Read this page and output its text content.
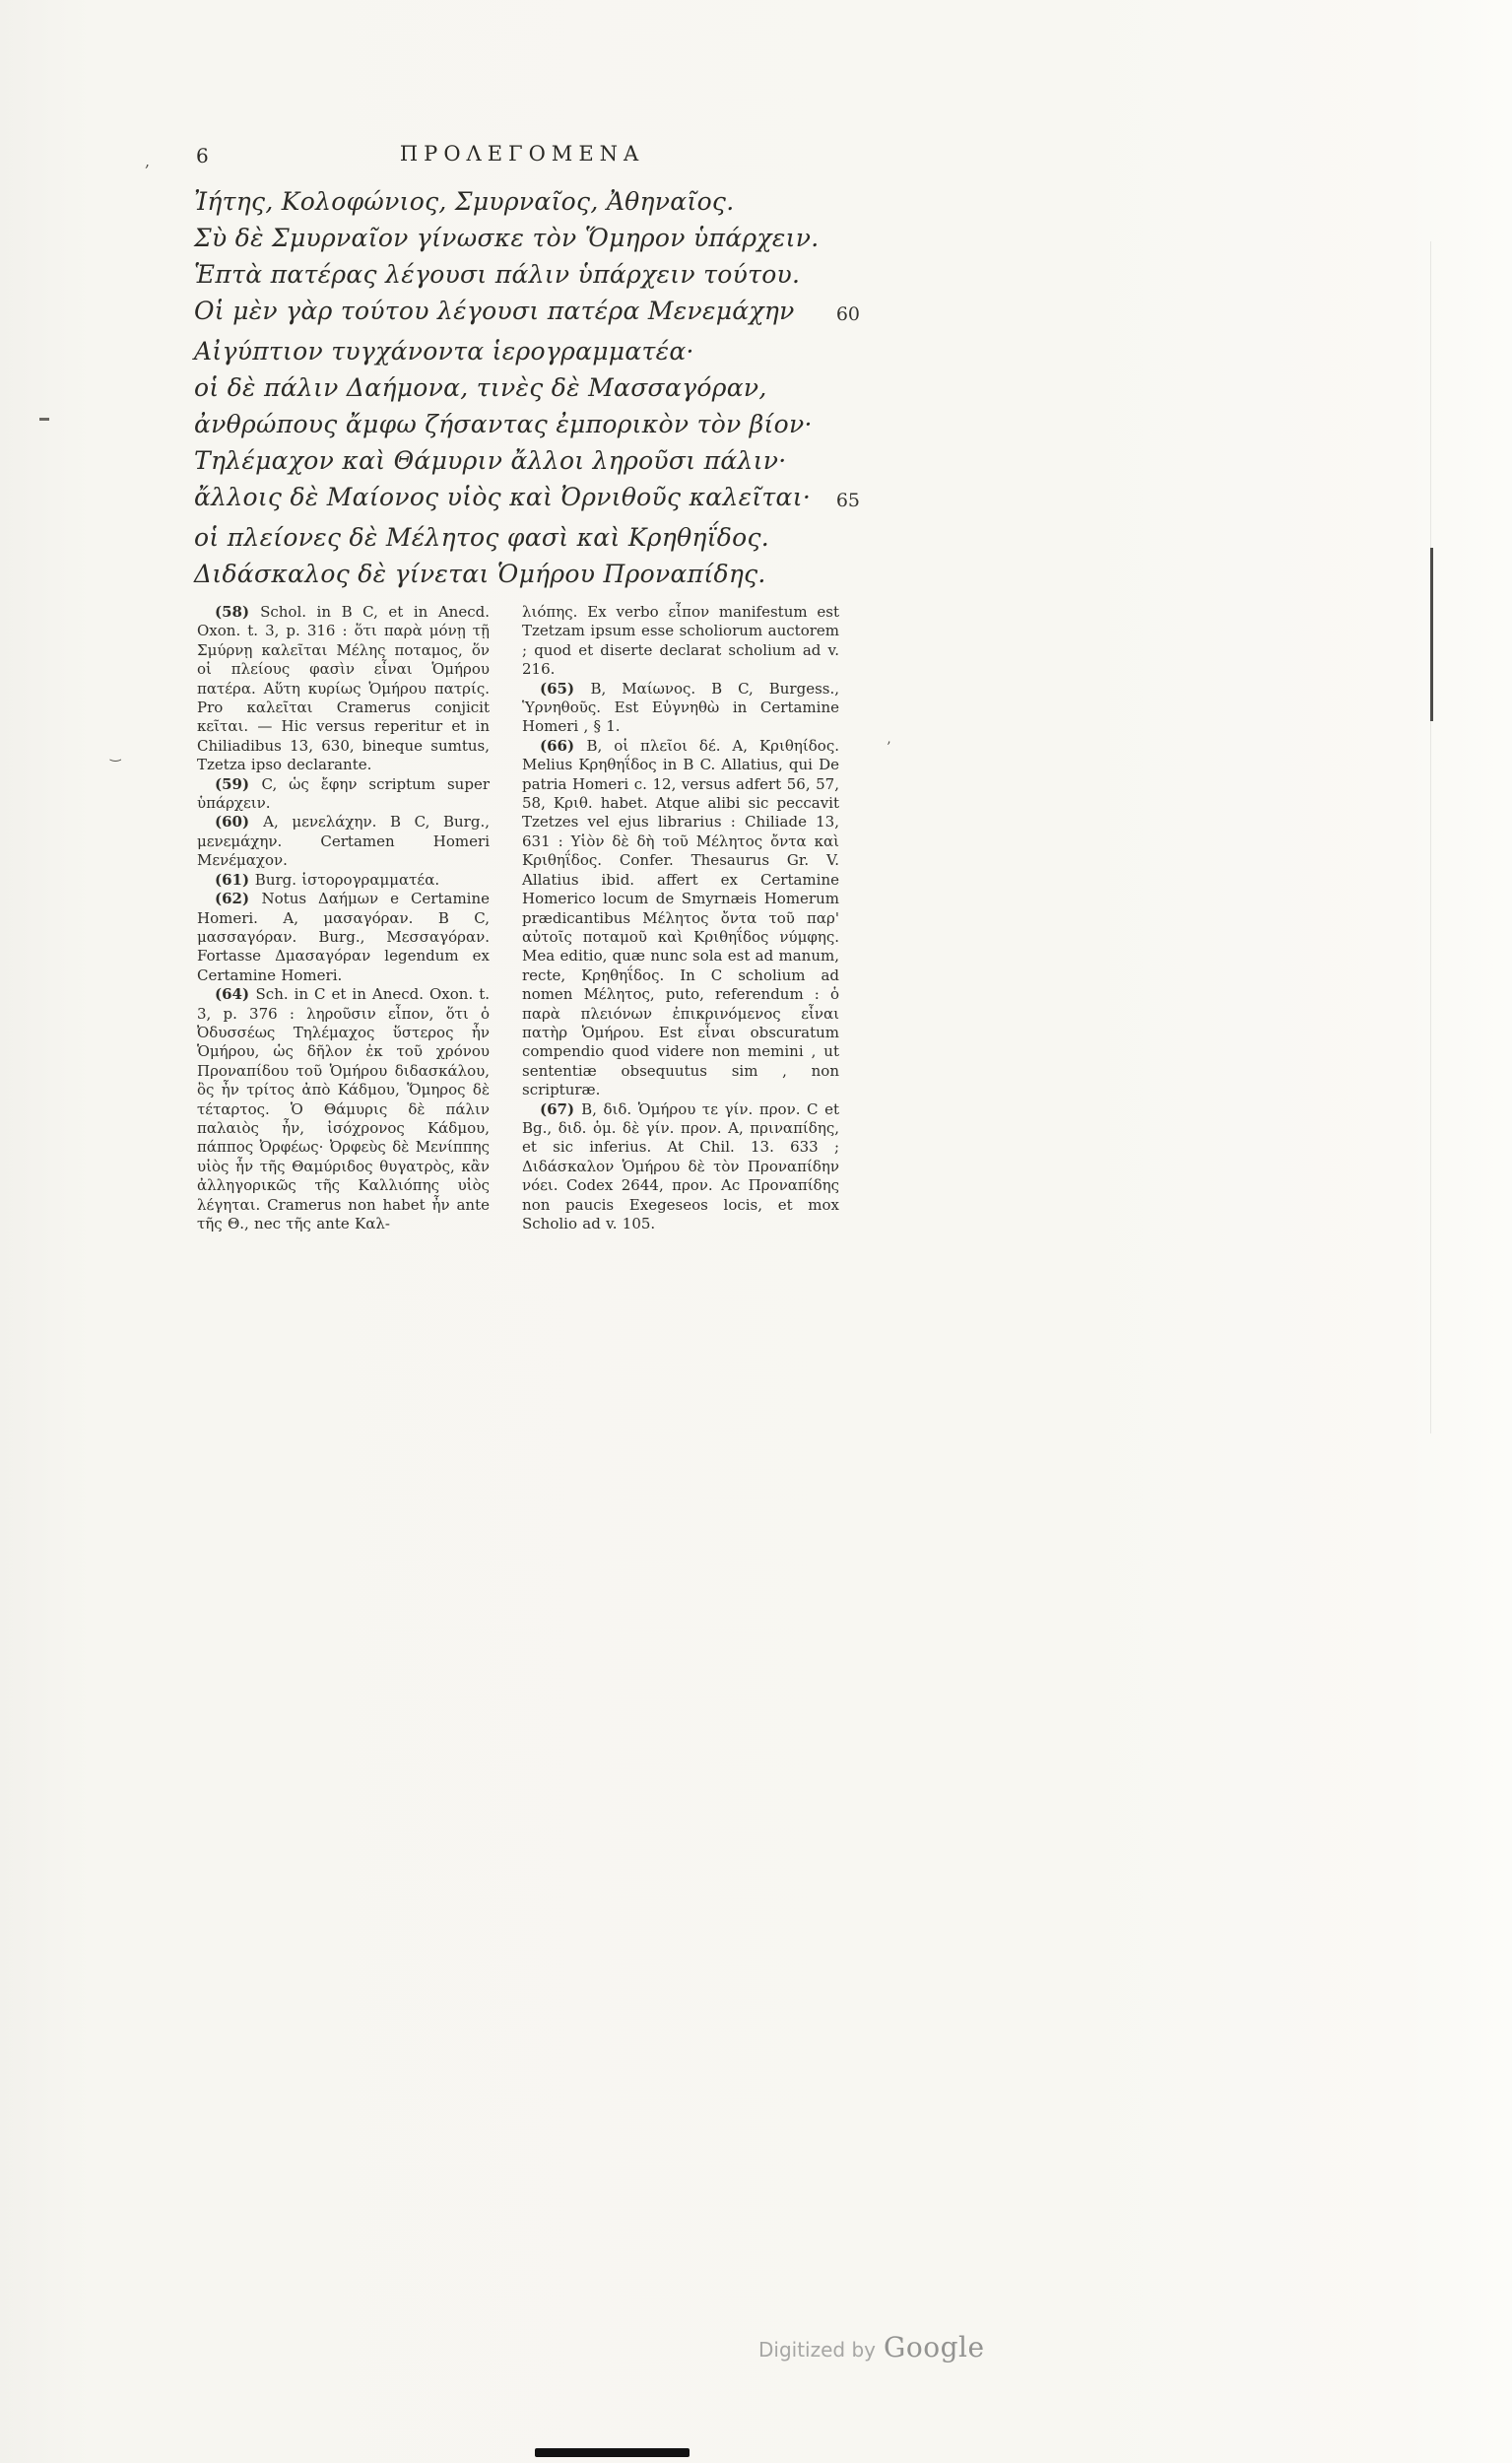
6	ΠΡΟΛΕΓΟΜΕΝΑ
Ἰήτης, Κολοφώνιος, Σμυρναῖος, Ἀθηναῖος.
Σὺ δὲ Σμυρναῖον γίνωσκε τὸν Ὅμηρον ὑπάρχειν.
Ἑπτὰ πατέρας λέγουσι πάλιν ὑπάρχειν τούτου.
Οἱ μὲν γὰρ τούτου λέγουσι πατέρα Μενεμάχην 60
Αἰγύπτιον τυγχάνοντα ἱερογραμματέα·
οἱ δὲ πάλιν Δαήμονα, τινὲς δὲ Μασσαγόραν,
ἀνθρώπους ἄμφω ζήσαντας ἐμπορικὸν τὸν βίον·
Τηλέμαχον καὶ Θάμυριν ἄλλοι ληροῦσι πάλιν·
ἄλλοις δὲ Μαίονος υἱὸς καὶ Ὀρνιθοῦς καλεῖται· 65
οἱ πλείονες δὲ Μέλητος φασὶ καὶ Κρηθηΐδος.
Διδάσκαλος δὲ γίνεται Ὁμήρου Προναπίδης.

(58) Schol. in B C, et in Anecd. Oxon. t. 3, p. 316 : ὅτι παρὰ μόνῃ τῇ Σμύρνῃ καλεῖται Μέλης ποταμος, ὅν οἱ πλείους φασὶν εἶναι Ὁμήρου πατέρα. Αὕτη κυρίως Ὁμήρου πατρίς. Pro καλεῖται Cramerus conjicit κεῖται. — Hic versus reperitur et in Chiliadibus 13, 630, bineque sumtus, Tzetza ipso declarante.

(59) C, ὡς ἔφην scriptum super ὑπάρχειν.

(60) A, μενελάχην. B C, Burg., μενεμάχην. Certamen Homeri Μενέμαχον.

(61) Burg. ἱστορογραμματέα.

(62) Notus Δαήμων e Certamine Homeri. A, μασαγόραν. B C, μασσαγόραν. Burg., Μεσσαγόραν. Fortasse Δμασαγόραν legendum ex Certamine Homeri.

(64) Sch. in C et in Anecd. Oxon. t. 3, p. 376 : ληροῦσιν εἶπον, ὅτι ὁ Ὀδυσσέως Τηλέμαχος ὕστερος ἦν Ὁμήρου, ὡς δῆλον ἐκ τοῦ χρόνου Προναπίδου τοῦ Ὁμήρου διδασκάλου, ὃς ἦν τρίτος ἀπὸ Κάδμου, Ὅμηρος δὲ τέταρτος. Ὁ Θάμυρις δὲ πάλιν παλαιὸς ἦν, ἰσόχρονος Κάδμου, πάππος Ὀρφέως· Ὀρφεὺς δὲ Μενίππης υἱὸς ἦν τῆς Θαμύριδος θυγατρὸς, κἂν ἀλληγορικῶς τῆς Καλλιόπης υἱὸς λέγηται. Cramerus non habet ἦν ante τῆς Θ., nec τῆς ante Καλ-

λιόπης. Ex verbo εἶπον manifestum est Tzetzam ipsum esse scholiorum auctorem ; quod et diserte declarat scholium ad v. 216.

(65) B, Μαίωνος. B C, Burgess., Ὑρνηθοῦς. Est Εὐγνηθὼ in Certamine Homeri , § 1.

(66) B, οἱ πλεῖοι δέ. A, Κριθηίδος. Melius Κρηθηΐδος in B C. Allatius, qui De patria Homeri c. 12, versus adfert 56, 57, 58, Κριθ. habet. Atque alibi sic peccavit Tzetzes vel ejus librarius : Chiliade 13, 631 : Υἱὸν δὲ δὴ τοῦ Μέλητος ὄντα καὶ Κριθηΐδος. Confer. Thesaurus Gr. V. Allatius ibid. affert ex Certamine Homerico locum de Smyrnæis Homerum prædicantibus Μέλητος ὄντα τοῦ παρ' αὐτοῖς ποταμοῦ καὶ Κριθηΐδος νύμφης. Mea editio, quæ nunc sola est ad manum, recte, Κρηθηΐδος. In C scholium ad nomen Μέλητος, puto, referendum : ὁ παρὰ πλειόνων ἐπικρινόμενος εἶναι πατὴρ Ὁμήρου. Est εἶναι obscuratum compendio quod videre non memini , ut sententiæ obsequutus sim , non scripturæ.

(67) B, διδ. Ὁμήρου τε γίν. προν. C et Bg., διδ. ὁμ. δὲ γίν. προν. A, πριναπίδης, et sic inferius. At Chil. 13. 633 ; Διδάσκαλον Ὁμήρου δὲ τὸν Προναπίδην νόει. Codex 2644, προν. Ac Προναπίδης non paucis Exegeseos locis, et mox Scholio ad v. 105.

Digitized by Google
,
’
‿
